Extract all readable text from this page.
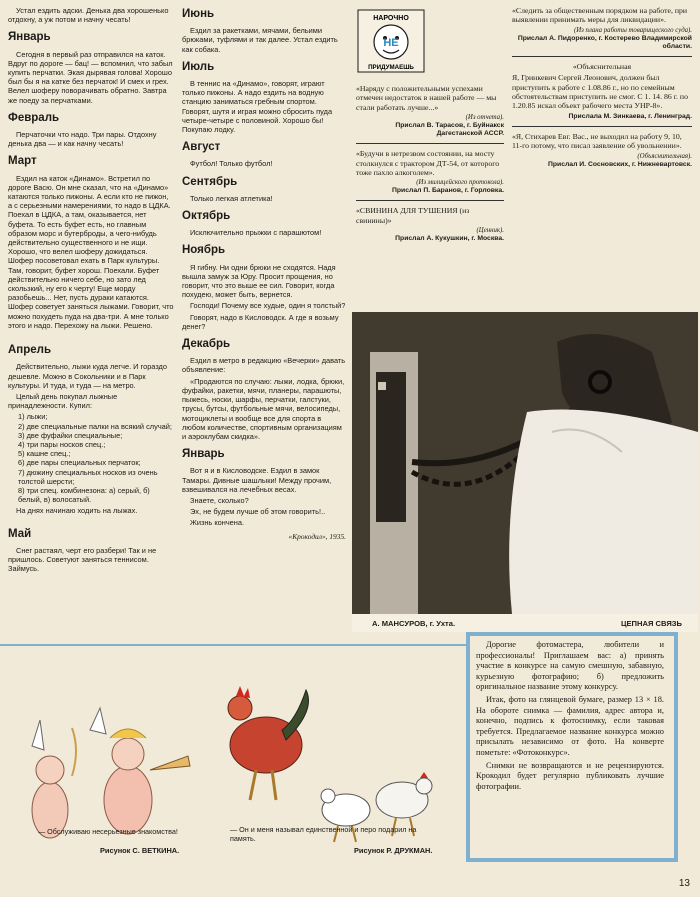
Устал ездить адски. Денька два хорошенько отдохну, а уж потом и начну чесать!

Январь

Сегодня в первый раз отправился на каток. Вдруг по дороге — бац! — вспомнил, что забыл купить перчатки. Экая дырявая голова! Хорошо был бы я на катке без перчаток! И смех и грех. Велел шоферу поворачивать обратно. Завтра же поеду за перчатками.

Февраль

Перчаточки что надо. Три пары. Отдохну денька два — и как начну чесать!

Март

Ездил на каток «Динамо». Встретил по дороге Васю. Он мне сказал, что на «Динамо» катаются только пижоны. А если кто не пижон, а с серьезными намерениями, то надо в ЦДКА. Поехал в ЦДКА, а там, оказывается, нет буфета. То есть буфет есть, но главным образом морс и бутерброды, а чего-нибудь действительно существенного и не ищи. Хорошо, что велел шоферу дожидаться. Шофер посоветовал ехать в Парк культуры. Там, говорит, буфет хорош. Поехали. Буфет действительно ничего себе, но зато лед скользкий, ну его к черту! Еще морду разобьешь... Нет, пусть дураки катаются. Шофер советует заняться лыжами. Говорит, что можно похудеть пуда на два-три. А мне только этого и надо. Перехожу на лыжи. Решено.

Апрель

Действительно, лыжи куда легче. И гораздо дешевле. Можно в Сокольники и в Парк культуры. И туда, и туда — на метро.

Целый день покупал лыжные принадлежности. Купил:

1) лыжи;
2) две специальные палки на всякий случай;
3) две фуфайки специальные;
4) три пары носков спец.;
5) кашне спец.;
6) две пары специальных перчаток;
7) дюжину специальных носков из очень толстой шерсти;
8) три спец. комбинезона: а) серый, б) белый, в) волосатый.

На днях начинаю ходить на лыжах.

Май

Снег растаял, черт его разбери! Так и не пришлось. Советуют заняться теннисом. Займусь.

Июнь

Ездил за ракетками, мячами, бельими брюками, туфлями и так далее. Устал ездить как собака.

Июль

В теннис на «Динамо», говорят, играют только пижоны. А надо ездить на водную станцию заниматься гребным спортом. Говорят, шутя и играя можно сбросить пуда четыре-четыре с половиной. Хорошо бы! Покупаю лодку.

Август

Футбол! Только футбол!

Сентябрь

Только легкая атлетика!

Октябрь

Исключительно прыжки с парашютом!

Ноябрь

Я гибну. Ни одни брюки не сходятся. Надя вышла замуж за Юру. Просит прощения, но говорит, что это выше ее сил. Говорит, когда похудею, может быть, вернется.

Господи! Почему все худые, один я толстый?

Говорят, надо в Кисловодск. А где я возьму денег?

Декабрь

Ездил в метро в редакцию «Вечерки» давать объявление:

«Продаются по случаю: лыжи, лодка, брюки, фуфайки, ракетки, мячи, планеры, парашюты, пыжесь, носки, шарфы, перчатки, галстуки, трусы, бутсы, футбольные мячи, велосипеды, мотоциклеты и вообще все для спорта в любом количестве, спортивным организациям и аэроклубам скидка».

Январь

Вот я и в Кисловодске. Ездил в замок Тамары. Дивные шашлыки! Между прочим, взвешивался на лечебных весах.

Знаете, сколько?

Эх, не будем лучше об этом говорить!..

Жизнь кончена.

«Крокодил», 1935.
НАРОЧНО
НЕ
ПРИДУМАЕШЬ

«Наряду с положительными успехами отмечен недостаток в нашей работе — мы стали работать лучше...»

(Из отчета).
Прислал В. Тарасов, г. Буйнакск Дагестанской АССР.

«Будучи в нетрезвом состоянии, на мосту столкнулся с трактором ДТ-54, от которого тоже пахло алкоголем».

(Из милицейского протокола).
Прислал П. Баранов, г. Горловка.

«СВИНИНА ДЛЯ ТУШЕНИЯ (из свинины)»

(Ценник).
Прислал А. Кукушкин, г. Москва.

«Следить за общественным порядком на работе, при выявлении принимать меры для ликвидации».

(Из плана работы товарищеского суда).
Прислал А. Пидоренко, г. Костерево Владимирской области.

«Объяснительная

Я, Гринкевич Сергей Леонович, должен был приступить к работе с 1.08.86 г., но по семейным обстоятельствам приступить не смог. С 1. 14. 86 г. по 1.20.85 искал объект рабочего места УНР-8».

Прислала М. Зинкаева, г. Ленинград.

«Я, Стихарев Евг. Вас., не выходил на работу 9, 10, 11-го потому, что писал заявление об увольнении».

(Объяснительная).
Прислал И. Сосновских, г. Нижневартовск.
А. МАНСУРОВ, г. Ухта.	ЦЕПНАЯ СВЯЗЬ

Дорогие фотомастера, любители и профессионалы! Приглашаем вас: а) принять участие в конкурсе на самую смешную, забавную, курьезную фотографию; б) предложить оригинальное название этому конкурсу.

Итак, фото на глянцевой бумаге, размер 13 × 18. На обороте снимка — фамилия, адрес автора и, конечно, подпись к фотоснимку, если таковая требуется. Предлагаемое название конкурса можно присылать независимо от фото. На конверте пометьте: «Фотоконкурс».

Снимки не возвращаются и не рецензируются. Крокодил будет регулярно публиковать лучшие фотографии.

— Обслуживаю несерьезные знакомства!
Рисунок С. ВЕТКИНА.
— Он и меня называл единственной и перо подарил на память.
Рисунок Р. ДРУКМАН.
13
